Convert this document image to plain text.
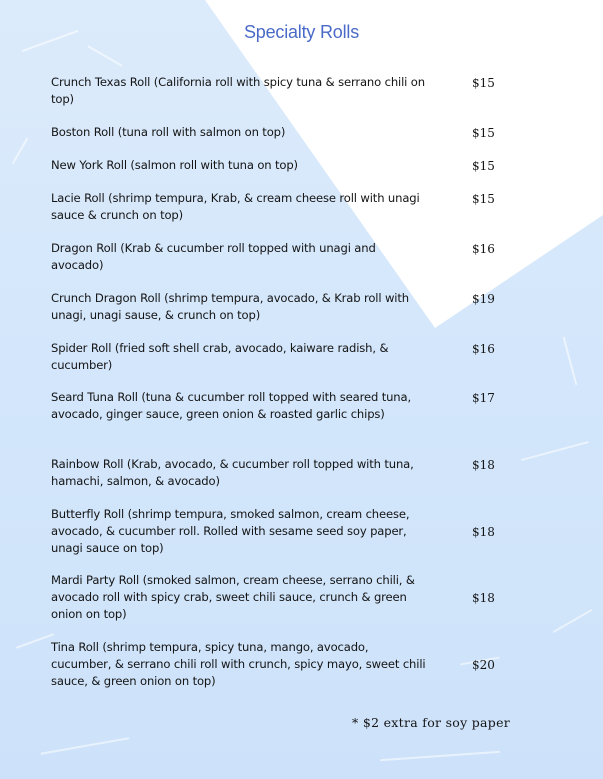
Specialty Rolls
Crunch Texas Roll (California roll with spicy tuna & serrano chili on top)
$15
Boston Roll (tuna roll with salmon on top)	$15
New York Roll (salmon roll with tuna on top)	$15
Lacie Roll (shrimp tempura, Krab, & cream cheese roll with unagi sauce & crunch on top)
$15
Dragon Roll (Krab & cucumber roll topped with unagi and avocado)
$16
Crunch Dragon Roll (shrimp tempura, avocado, & Krab roll with unagi, unagi sause, & crunch on top)
$19
Spider Roll (fried soft shell crab, avocado, kaiware radish, & cucumber)
$16
Seard Tuna Roll (tuna & cucumber roll topped with seared tuna, avocado, ginger sauce, green onion & roasted garlic chips)
$17
Rainbow Roll (Krab, avocado, & cucumber roll topped with tuna, hamachi, salmon, & avocado)
$18
Butterfly Roll (shrimp tempura, smoked salmon, cream cheese, avocado, & cucumber roll. Rolled with sesame seed soy paper, unagi sauce on top)
$18
Mardi Party Roll (smoked salmon, cream cheese, serrano chili, & avocado roll with spicy crab, sweet chili sauce, crunch & green onion on top)
$18
Tina Roll (shrimp tempura, spicy tuna, mango, avocado, cucumber, & serrano chili roll with crunch, spicy mayo, sweet chili sauce, & green onion on top)
$20
* $2 extra for soy paper
